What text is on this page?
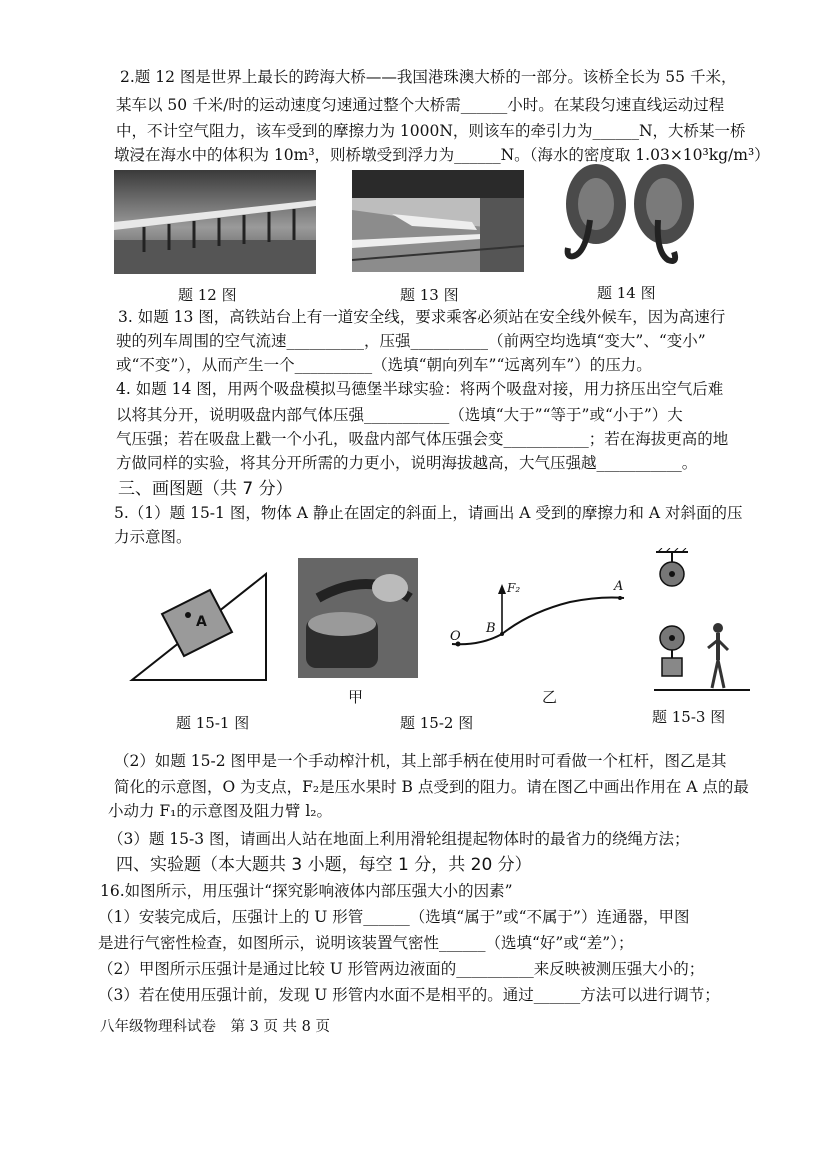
2.题 12 图是世界上最长的跨海大桥——我国港珠澳大桥的一部分。该桥全长为 55 千米，
某车以 50 千米/时的运动速度匀速通过整个大桥需______小时。在某段匀速直线运动过程
中，不计空气阻力，该车受到的摩擦力为 1000N，则该车的牵引力为______N，大桥某一桥
墩浸在海水中的体积为 10m³，则桥墩受到浮力为______N。（海水的密度取 1.03×10³kg/m³）
题 12 图	题 13 图	题 14 图
3. 如题 13 图，高铁站台上有一道安全线，要求乘客必须站在安全线外候车，因为高速行
驶的列车周围的空气流速__________，压强__________（前两空均选填“变大”、“变小”
或“不变”），从而产生一个__________（选填“朝向列车”“远离列车”）的压力。
4. 如题 14 图，用两个吸盘模拟马德堡半球实验：将两个吸盘对接，用力挤压出空气后难
以将其分开，说明吸盘内部气体压强___________（选填“大于”“等于”或“小于”）大
气压强；若在吸盘上戳一个小孔，吸盘内部气体压强会变___________；若在海拔更高的地
方做同样的实验，将其分开所需的力更小，说明海拔越高，大气压强越___________。
三、画图题（共 7 分）
5.（1）题 15-1 图，物体 A 静止在固定的斜面上，请画出 A 受到的摩擦力和 A 对斜面的压
力示意图。
A
甲
F₂	A
B
O
乙
题 15-1 图	题 15-2 图	题 15-3 图
（2）如题 15-2 图甲是一个手动榨汁机，其上部手柄在使用时可看做一个杠杆，图乙是其
简化的示意图，O 为支点，F₂是压水果时 B 点受到的阻力。请在图乙中画出作用在 A 点的最
小动力 F₁的示意图及阻力臂 l₂。
（3）题 15-3 图，请画出人站在地面上利用滑轮组提起物体时的最省力的绕绳方法；
四、实验题（本大题共 3 小题，每空 1 分，共 20 分）
16.如图所示，用压强计“探究影响液体内部压强大小的因素”
（1）安装完成后，压强计上的 U 形管______（选填“属于”或“不属于”）连通器，甲图
是进行气密性检查，如图所示，说明该装置气密性______（选填“好”或“差”）；
（2）甲图所示压强计是通过比较 U 形管两边液面的__________来反映被测压强大小的；
（3）若在使用压强计前，发现 U 形管内水面不是相平的。通过______方法可以进行调节；
八年级物理科试卷　第 3 页 共 8 页
